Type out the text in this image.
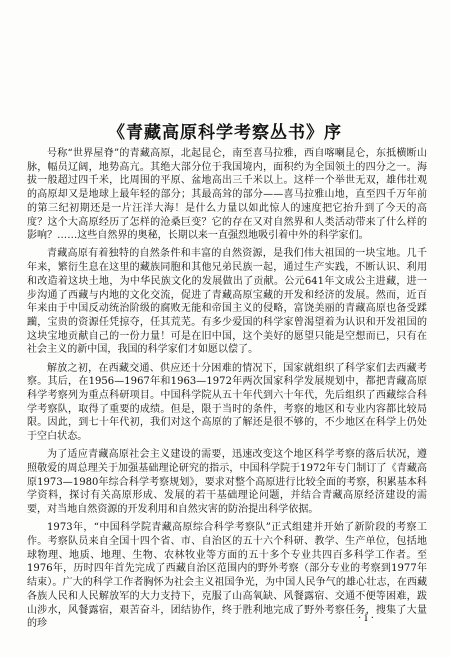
《青藏高原科学考察丛书》序

号称“世界屋脊”的青藏高原，北起昆仑，南至喜马拉雅，西自喀喇昆仑，东抵横断山脉，幅员辽阔，地势高亢。其绝大部分位于我国境内，面积约为全国领土的四分之一。海拔一般超过四千米，比周围的平原、盆地高出三千米以上。这样一个举世无双，雄伟壮观的高原却又是地球上最年轻的部分；其最高耸的部分——喜马拉雅山地，直至四千万年前的第三纪初期还是一片汪洋大海！是什么力量以如此惊人的速度把它抬升到了今天的高度？这个大高原经历了怎样的沧桑巨变？它的存在又对自然界和人类活动带来了什么样的影响？……这些自然界的奥秘，长期以来一直强烈地吸引着中外的科学家们。

青藏高原有着独特的自然条件和丰富的自然资源，是我们伟大祖国的一块宝地。几千年来，繁衍生息在这里的藏族同胞和其他兄弟民族一起，通过生产实践，不断认识、利用和改造着这块土地，为中华民族文化的发展做出了贡献。公元641年文成公主进藏，进一步沟通了西藏与内地的文化交流，促进了青藏高原宝藏的开发和经济的发展。然而，近百年来由于中国反动统治阶级的腐败无能和帝国主义的侵略，富饶美丽的青藏高原也备受蹂躏，宝贵的资源任凭掠夺，任其荒芜。有多少爱国的科学家曾渴望着为认识和开发祖国的这块宝地贡献自己的一份力量！可是在旧中国，这个美好的愿望只能是空想而已，只有在社会主义的新中国，我国的科学家们才如愿以偿了。

解放之初，在西藏交通、供应还十分困难的情况下，国家就组织了科学家们去西藏考察。其后，在1956—1967年和1963—1972年两次国家科学发展规划中，都把青藏高原科学考察列为重点科研项目。中国科学院从五十年代到六十年代，先后组织了西藏综合科学考察队，取得了重要的成绩。但是，限于当时的条件，考察的地区和专业内容都比较局限。因此，到七十年代初，我们对这个高原的了解还是很不够的，不少地区在科学上仍处于空白状态。

为了适应青藏高原社会主义建设的需要，迅速改变这个地区科学考察的落后状况，遵照敬爱的周总理关于加强基础理论研究的指示，中国科学院于1972年专门制订了《青藏高原1973—1980年综合科学考察规划》，要求对整个高原进行比较全面的考察，积累基本科学资料，探讨有关高原形成、发展的若干基础理论问题，并结合青藏高原经济建设的需要，对当地自然资源的开发利用和自然灾害的防治提出科学依据。

1973年，“中国科学院青藏高原综合科学考察队”正式组建并开始了新阶段的考察工作。考察队员来自全国十四个省、市、自治区的五十六个科研、教学、生产单位，包括地球物理、地质、地理、生物、农林牧业等方面的五十多个专业共四百多科学工作者。至1976年，历时四年首先完成了西藏自治区范围内的野外考察（部分专业的考察到1977年结束）。广大的科学工作者胸怀为社会主义祖国争光，为中国人民争气的雄心壮志，在西藏各族人民和人民解放军的大力支持下，克服了山高氧缺、风餐露宿、交通不便等困难，跋山涉水，风餐露宿，艰苦奋斗，团结协作，终于胜利地完成了野外考察任务，搜集了大量的珍	· i ·
